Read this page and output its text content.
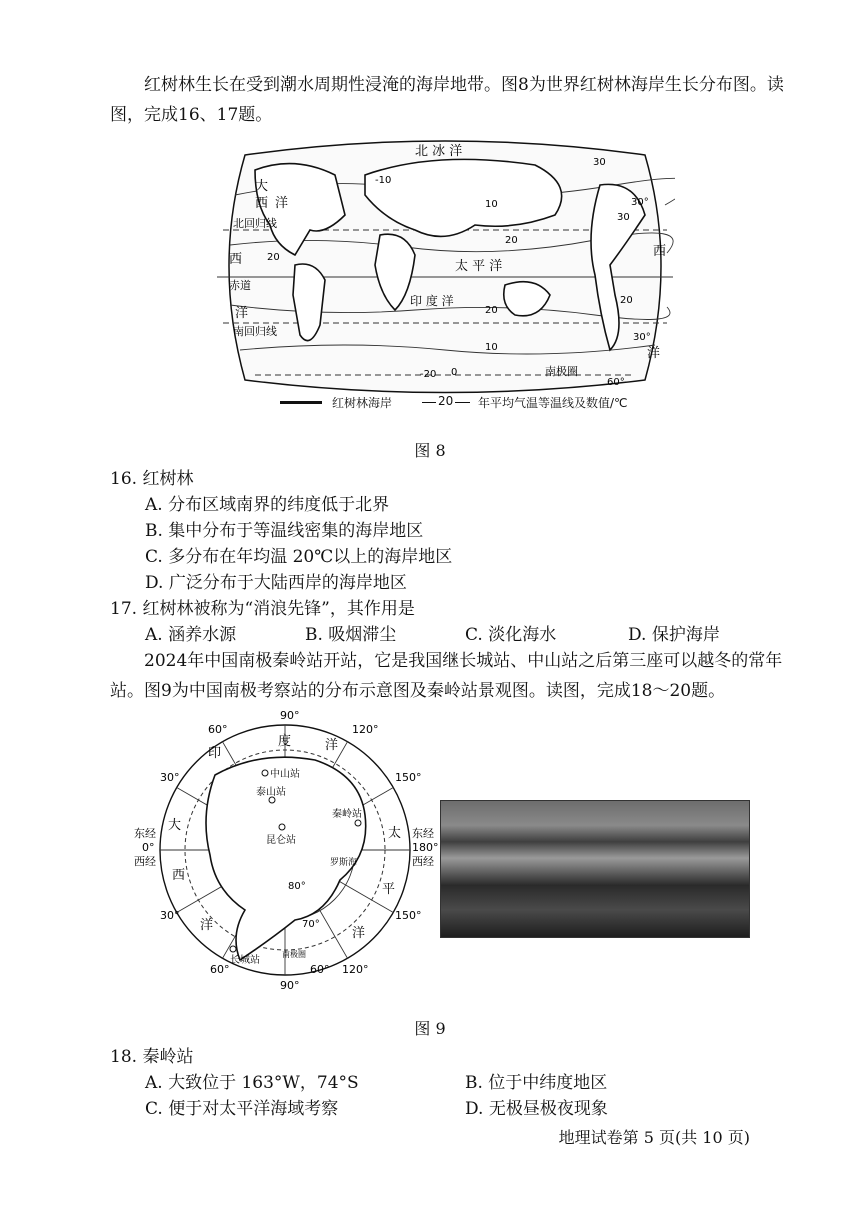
红树林生长在受到潮水周期性浸淹的海岸地带。图8为世界红树林海岸生长分布图。读图，完成16、17题。

北 冰 洋
大
西 洋
西
西
洋
洋
太 平 洋
印 度 洋
北回归线
赤道
南回归线
南极圈
30
30
20
20
20
20
10
10
0
-10
-20
30°
30°
60°
红树林海岸	20 年平均气温等温线及数值/℃
图 8
16. 红树林
A. 分布区域南界的纬度低于北界
B. 集中分布于等温线密集的海岸地区
C. 多分布在年均温 20℃以上的海岸地区
D. 广泛分布于大陆西岸的海岸地区
17. 红树林被称为“消浪先锋”，其作用是
A. 涵养水源	B. 吸烟滞尘	C. 淡化海水	D. 保护海岸

2024年中国南极秦岭站开站，它是我国继长城站、中山站之后第三座可以越冬的常年站。图9为中国南极考察站的分布示意图及秦岭站景观图。读图，完成18～20题。

90°
60°	120°
30°	150°
东经
0°
西经
东经
180°
西经
30°	150°
60°	60° 120°
90°
80°
70°
印
度	洋
大
西
洋
太
平
洋
中山站
泰山站
昆仑站
秦岭站
罗斯海
长城站
南极圈
图 9
18. 秦岭站
A. 大致位于 163°W，74°S	B. 位于中纬度地区
C. 便于对太平洋海域考察	D. 无极昼极夜现象
地理试卷第 5 页(共 10 页)
